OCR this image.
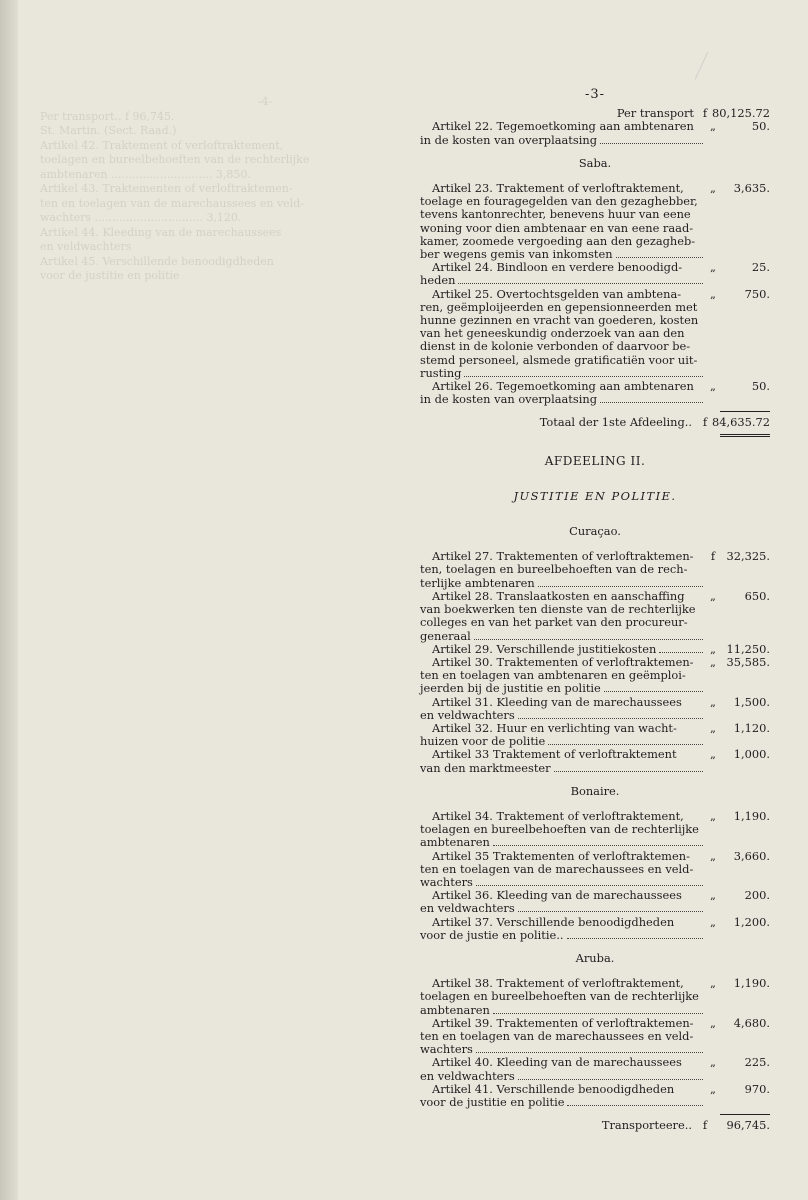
-4-
Per transport.. f 96,745.
St. Martin. (Sect. Raad.)
Artikel 42. Traktement of verloftraktement,
toelagen en bureelbehoeften van de rechterlijke
ambtenaren ............................. 3,850.
Artikel 43. Traktementen of verloftraktemen-
ten en toelagen van de marechaussees en veld-
wachters ............................... 3,120.
Artikel 44. Kleeding van de marechaussees
en veldwachters
Artikel 45. Verschillende benoodigdheden
voor de justitie en politie
-3-
Per transport f 80,125.72
Artikel 22. Tegemoetkoming aan ambtenaren
in de kosten van overplaatsing
„	50.
Saba.
Artikel 23. Traktement of verloftraktement,
toelage en fouragegelden van den gezaghebber,
tevens kantonrechter, benevens huur van eene
woning voor dien ambtenaar en van eene raad-
kamer, zoomede vergoeding aan den gezagheb-
ber wegens gemis van inkomsten
„	3,635.
Artikel 24. Bindloon en verdere benoodigd-
heden
„	25.
Artikel 25. Overtochtsgelden van ambtena-
ren, geëmploijeerden en gepensionneerden met
hunne gezinnen en vracht van goederen, kosten
van het geneeskundig onderzoek van aan den
dienst in de kolonie verbonden of daarvoor be-
stemd personeel, alsmede gratificatiën voor uit-
rusting
„	750.
Artikel 26. Tegemoetkoming aan ambtenaren
in de kosten van overplaatsing
„	50.
Totaal der 1ste Afdeeling.. f 84,635.72
AFDEELING II.
JUSTITIE EN POLITIE.
Curaçao.
Artikel 27. Traktementen of verloftraktemen-
ten, toelagen en bureelbehoeften van de rech-
terlijke ambtenaren
f	32,325.
Artikel 28. Translaatkosten en aanschaffing
van boekwerken ten dienste van de rechterlijke
colleges en van het parket van den procureur-
generaal
„	650.
Artikel 29. Verschillende justitiekosten	„ 11,250.
Artikel 30. Traktementen of verloftraktemen-
ten en toelagen van ambtenaren en geëmploi-
jeerden bij de justitie en politie
„ 35,585.
Artikel 31. Kleeding van de marechaussees
en veldwachters
„	1,500.
Artikel 32. Huur en verlichting van wacht-
huizen voor de politie
„	1,120.
Artikel 33 Traktement of verloftraktement
van den marktmeester
„	1,000.
Bonaire.
Artikel 34. Traktement of verloftraktement,
toelagen en bureelbehoeften van de rechterlijke
ambtenaren
„	1,190.
Artikel 35 Traktementen of verloftraktemen-
ten en toelagen van de marechaussees en veld-
wachters
„	3,660.
Artikel 36. Kleeding van de marechaussees
en veldwachters
„	200.
Artikel 37. Verschillende benoodigdheden
voor de justie en politie..
„	1,200.
Aruba.
Artikel 38. Traktement of verloftraktement,
toelagen en bureelbehoeften van de rechterlijke
ambtenaren
„	1,190.
Artikel 39. Traktementen of verloftraktemen-
ten en toelagen van de marechaussees en veld-
wachters
„	4,680.
Artikel 40. Kleeding van de marechaussees
en veldwachters
„	225.
Artikel 41. Verschillende benoodigdheden
voor de justitie en politie
„	970.
Transporteere.. f	96,745.
